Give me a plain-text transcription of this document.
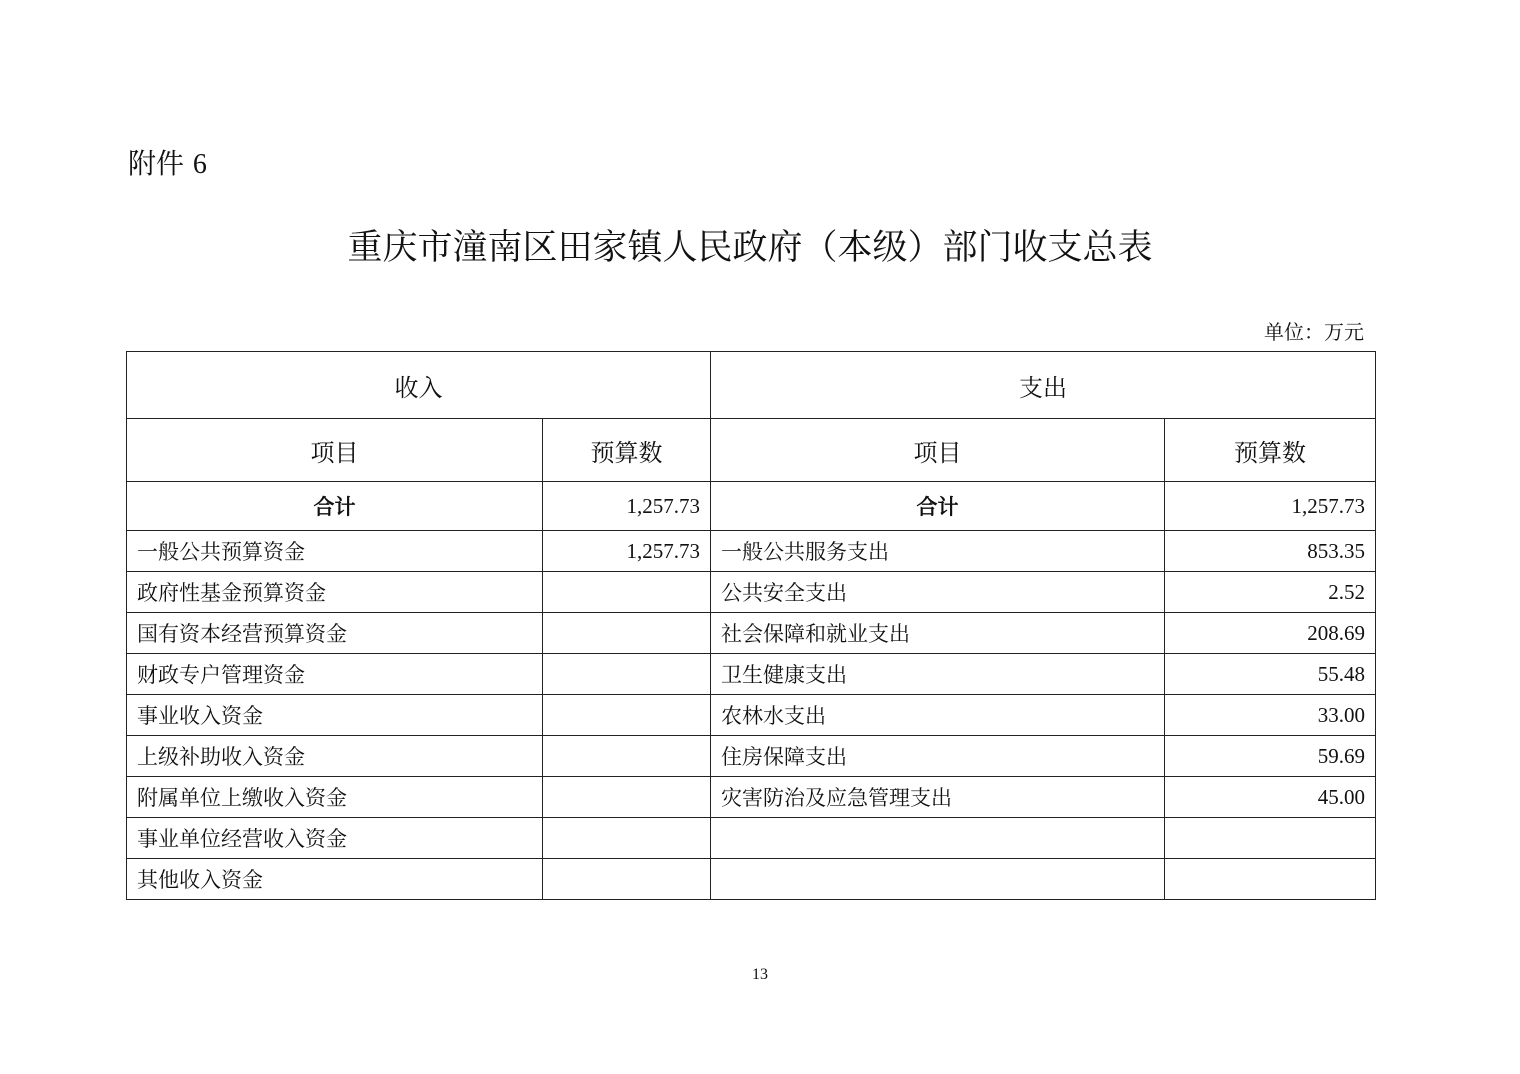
附件 6
重庆市潼南区田家镇人民政府（本级）部门收支总表
单位：万元
收入		支出	
项目	预算数	项目	预算数
合计	1,257.73	合计	1,257.73
一般公共预算资金	1,257.73	一般公共服务支出	853.35
政府性基金预算资金		公共安全支出	2.52
国有资本经营预算资金		社会保障和就业支出	208.69
财政专户管理资金		卫生健康支出	55.48
事业收入资金		农林水支出	33.00
上级补助收入资金		住房保障支出	59.69
附属单位上缴收入资金		灾害防治及应急管理支出	45.00
事业单位经营收入资金			
其他收入资金			
13
